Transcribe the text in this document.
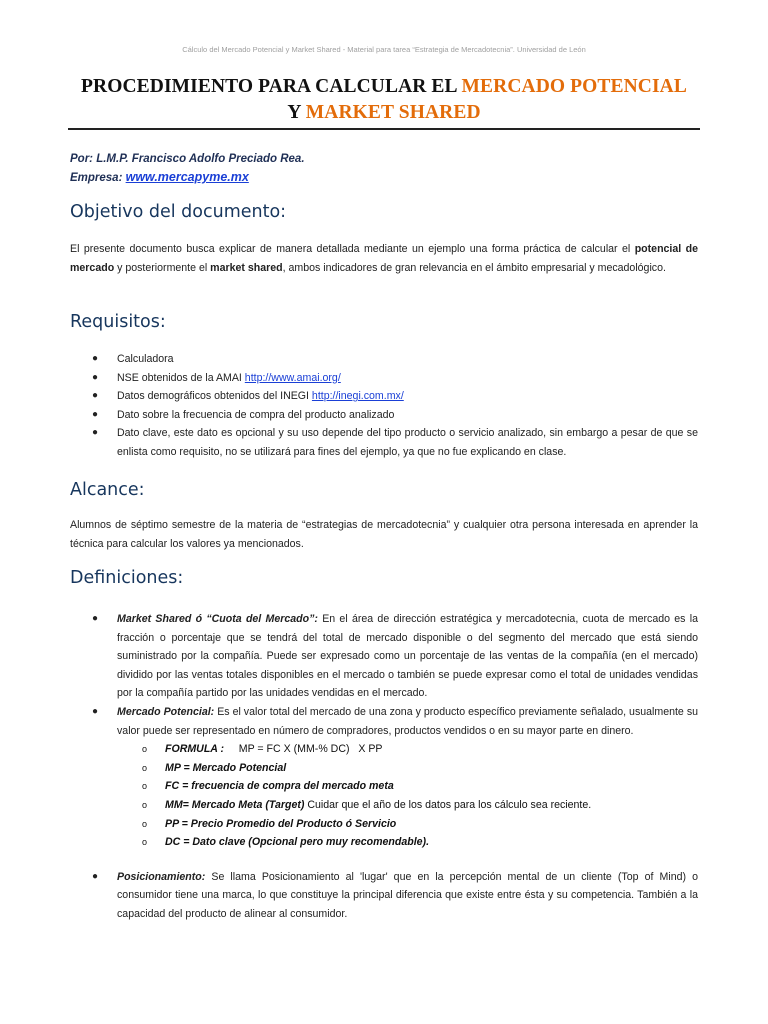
Cálculo del Mercado Potencial y Market Shared - Material para tarea “Estrategia de Mercadotecnia”. Universidad de León
PROCEDIMIENTO PARA CALCULAR EL MERCADO POTENCIAL
Y MARKET SHARED
Por: L.M.P. Francisco Adolfo Preciado Rea.
Empresa: www.mercapyme.mx
Objetivo del documento:
El presente documento busca explicar de manera detallada mediante un ejemplo una forma práctica de calcular el potencial de mercado y posteriormente el market shared, ambos indicadores de gran relevancia en el ámbito empresarial y mecadológico.
Requisitos:
● Calculadora
● NSE obtenidos de la AMAI http://www.amai.org/
● Datos demográficos obtenidos del INEGI http://inegi.com.mx/
● Dato sobre la frecuencia de compra del producto analizado
● Dato clave, este dato es opcional y su uso depende del tipo producto o servicio analizado, sin embargo a pesar de que se enlista como requisito, no se utilizará para fines del ejemplo, ya que no fue explicando en clase.
Alcance:
Alumnos de séptimo semestre de la materia de “estrategias de mercadotecnia” y cualquier otra persona interesada en aprender la técnica para calcular los valores ya mencionados.
Definiciones:
● Market Shared ó “Cuota del Mercado”: En el área de dirección estratégica y mercadotecnia, cuota de mercado es la fracción o porcentaje que se tendrá del total de mercado disponible o del segmento del mercado que está siendo suministrado por la compañía. Puede ser expresado como un porcentaje de las ventas de la compañía (en el mercado) dividido por las ventas totales disponibles en el mercado o también se puede expresar como el total de unidades vendidas por la compañía partido por las unidades vendidas en el mercado.
● Mercado Potencial: Es el valor total del mercado de una zona y producto específico previamente señalado, usualmente su valor puede ser representado en número de compradores, productos vendidos o en su mayor parte en dinero.
o FORMULA :     MP = FC X (MM-% DC)   X PP
o MP = Mercado Potencial
o FC = frecuencia de compra del mercado meta
o MM= Mercado Meta (Target) Cuidar que el año de los datos para los cálculo sea reciente.
o PP = Precio Promedio del Producto ó Servicio
o DC = Dato clave (Opcional pero muy recomendable).
● Posicionamiento: Se llama Posicionamiento al 'lugar' que en la percepción mental de un cliente (Top of Mind) o consumidor tiene una marca, lo que constituye la principal diferencia que existe entre ésta y su competencia. También a la capacidad del producto de alinear al consumidor.
